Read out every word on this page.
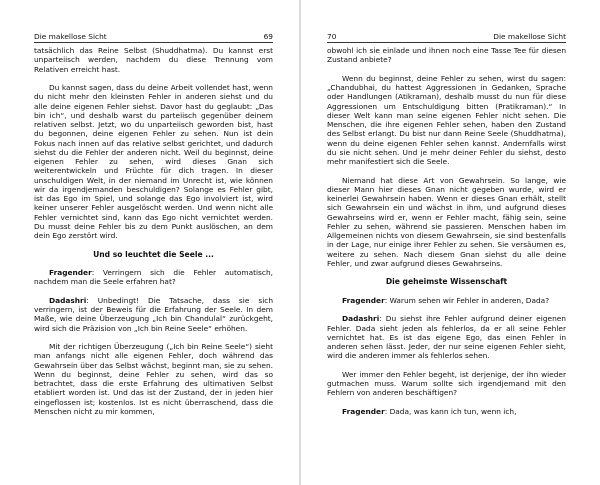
Die makellose Sicht	69

tatsächlich das Reine Selbst (Shuddhatma). Du kannst erst unparteiisch werden, nachdem du diese Trennung vom Relativen erreicht hast.

Du kannst sagen, dass du deine Arbeit vollendet hast, wenn du nicht mehr den kleinsten Fehler in anderen siehst und du alle deine eigenen Fehler siehst. Davor hast du geglaubt: „Das bin ich“, und deshalb warst du parteiisch gegenüber deinem relativen selbst. Jetzt, wo du unparteiisch geworden bist, hast du begonnen, deine eigenen Fehler zu sehen. Nun ist dein Fokus nach innen auf das relative selbst gerichtet, und dadurch siehst du die Fehler der anderen nicht. Weil du beginnst, deine eigenen Fehler zu sehen, wird dieses Gnan sich weiterentwickeln und Früchte für dich tragen. In dieser unschuldigen Welt, in der niemand im Unrecht ist, wie können wir da irgendjemanden beschuldigen? Solange es Fehler gibt, ist das Ego im Spiel, und solange das Ego involviert ist, wird keiner unserer Fehler ausgelöscht werden. Und wenn nicht alle Fehler vernichtet sind, kann das Ego nicht vernichtet werden. Du musst deine Fehler bis zu dem Punkt auslöschen, an dem dein Ego zerstört wird.

Und so leuchtet die Seele ...

Fragender: Verringern sich die Fehler automatisch, nachdem man die Seele erfahren hat?

Dadashri: Unbedingt! Die Tatsache, dass sie sich verringern, ist der Beweis für die Erfahrung der Seele. In dem Maße, wie deine Überzeugung „Ich bin Chandulal“ zurückgeht, wird sich die Präzision von „Ich bin Reine Seele“ erhöhen.

Mit der richtigen Überzeugung („Ich bin Reine Seele“) sieht man anfangs nicht alle eigenen Fehler, doch während das Gewahrsein über das Selbst wächst, beginnt man, sie zu sehen. Wenn du beginnst, deine Fehler zu sehen, wird das so betrachtet, dass die erste Erfahrung des ultimativen Selbst etabliert worden ist. Und das ist der Zustand, der in jeden hier eingeflossen ist; kostenlos. Ist es nicht überraschend, dass die Menschen nicht zu mir kommen,

70	Die makellose Sicht

obwohl ich sie einlade und ihnen noch eine Tasse Tee für diesen Zustand anbiete?

Wenn du beginnst, deine Fehler zu sehen, wirst du sagen: „Chandubhai, du hattest Aggressionen in Gedanken, Sprache oder Handlungen (Atikraman), deshalb musst du nun für diese Aggressionen um Entschuldigung bitten (Pratikraman).“ In dieser Welt kann man seine eigenen Fehler nicht sehen. Die Menschen, die ihre eigenen Fehler sehen, haben den Zustand des Selbst erlangt. Du bist nur dann Reine Seele (Shuddhatma), wenn du deine eigenen Fehler sehen kannst. Andernfalls wirst du sie nicht sehen. Und je mehr deiner Fehler du siehst, desto mehr manifestiert sich die Seele.

Niemand hat diese Art von Gewahrsein. So lange, wie dieser Mann hier dieses Gnan nicht gegeben wurde, wird er keinerlei Gewahrsein haben. Wenn er dieses Gnan erhält, stellt sich Gewahrsein ein und wächst in ihm, und aufgrund dieses Gewahrseins wird er, wenn er Fehler macht, fähig sein, seine Fehler zu sehen, während sie passieren. Menschen haben im Allgemeinen nichts von diesem Gewahrsein, sie sind bestenfalls in der Lage, nur einige ihrer Fehler zu sehen. Sie versäumen es, weitere zu sehen. Nach diesem Gnan siehst du alle deine Fehler, und zwar aufgrund dieses Gewahrseins.

Die geheimste Wissenschaft

Fragender: Warum sehen wir Fehler in anderen, Dada?

Dadashri: Du siehst ihre Fehler aufgrund deiner eigenen Fehler. Dada sieht jeden als fehlerlos, da er all seine Fehler vernichtet hat. Es ist das eigene Ego, das einen Fehler in anderen sehen lässt. Jeder, der nur seine eigenen Fehler sieht, wird die anderen immer als fehlerlos sehen.

Wer immer den Fehler begeht, ist derjenige, der ihn wieder gutmachen muss. Warum sollte sich irgendjemand mit den Fehlern von anderen beschäftigen?

Fragender: Dada, was kann ich tun, wenn ich,
